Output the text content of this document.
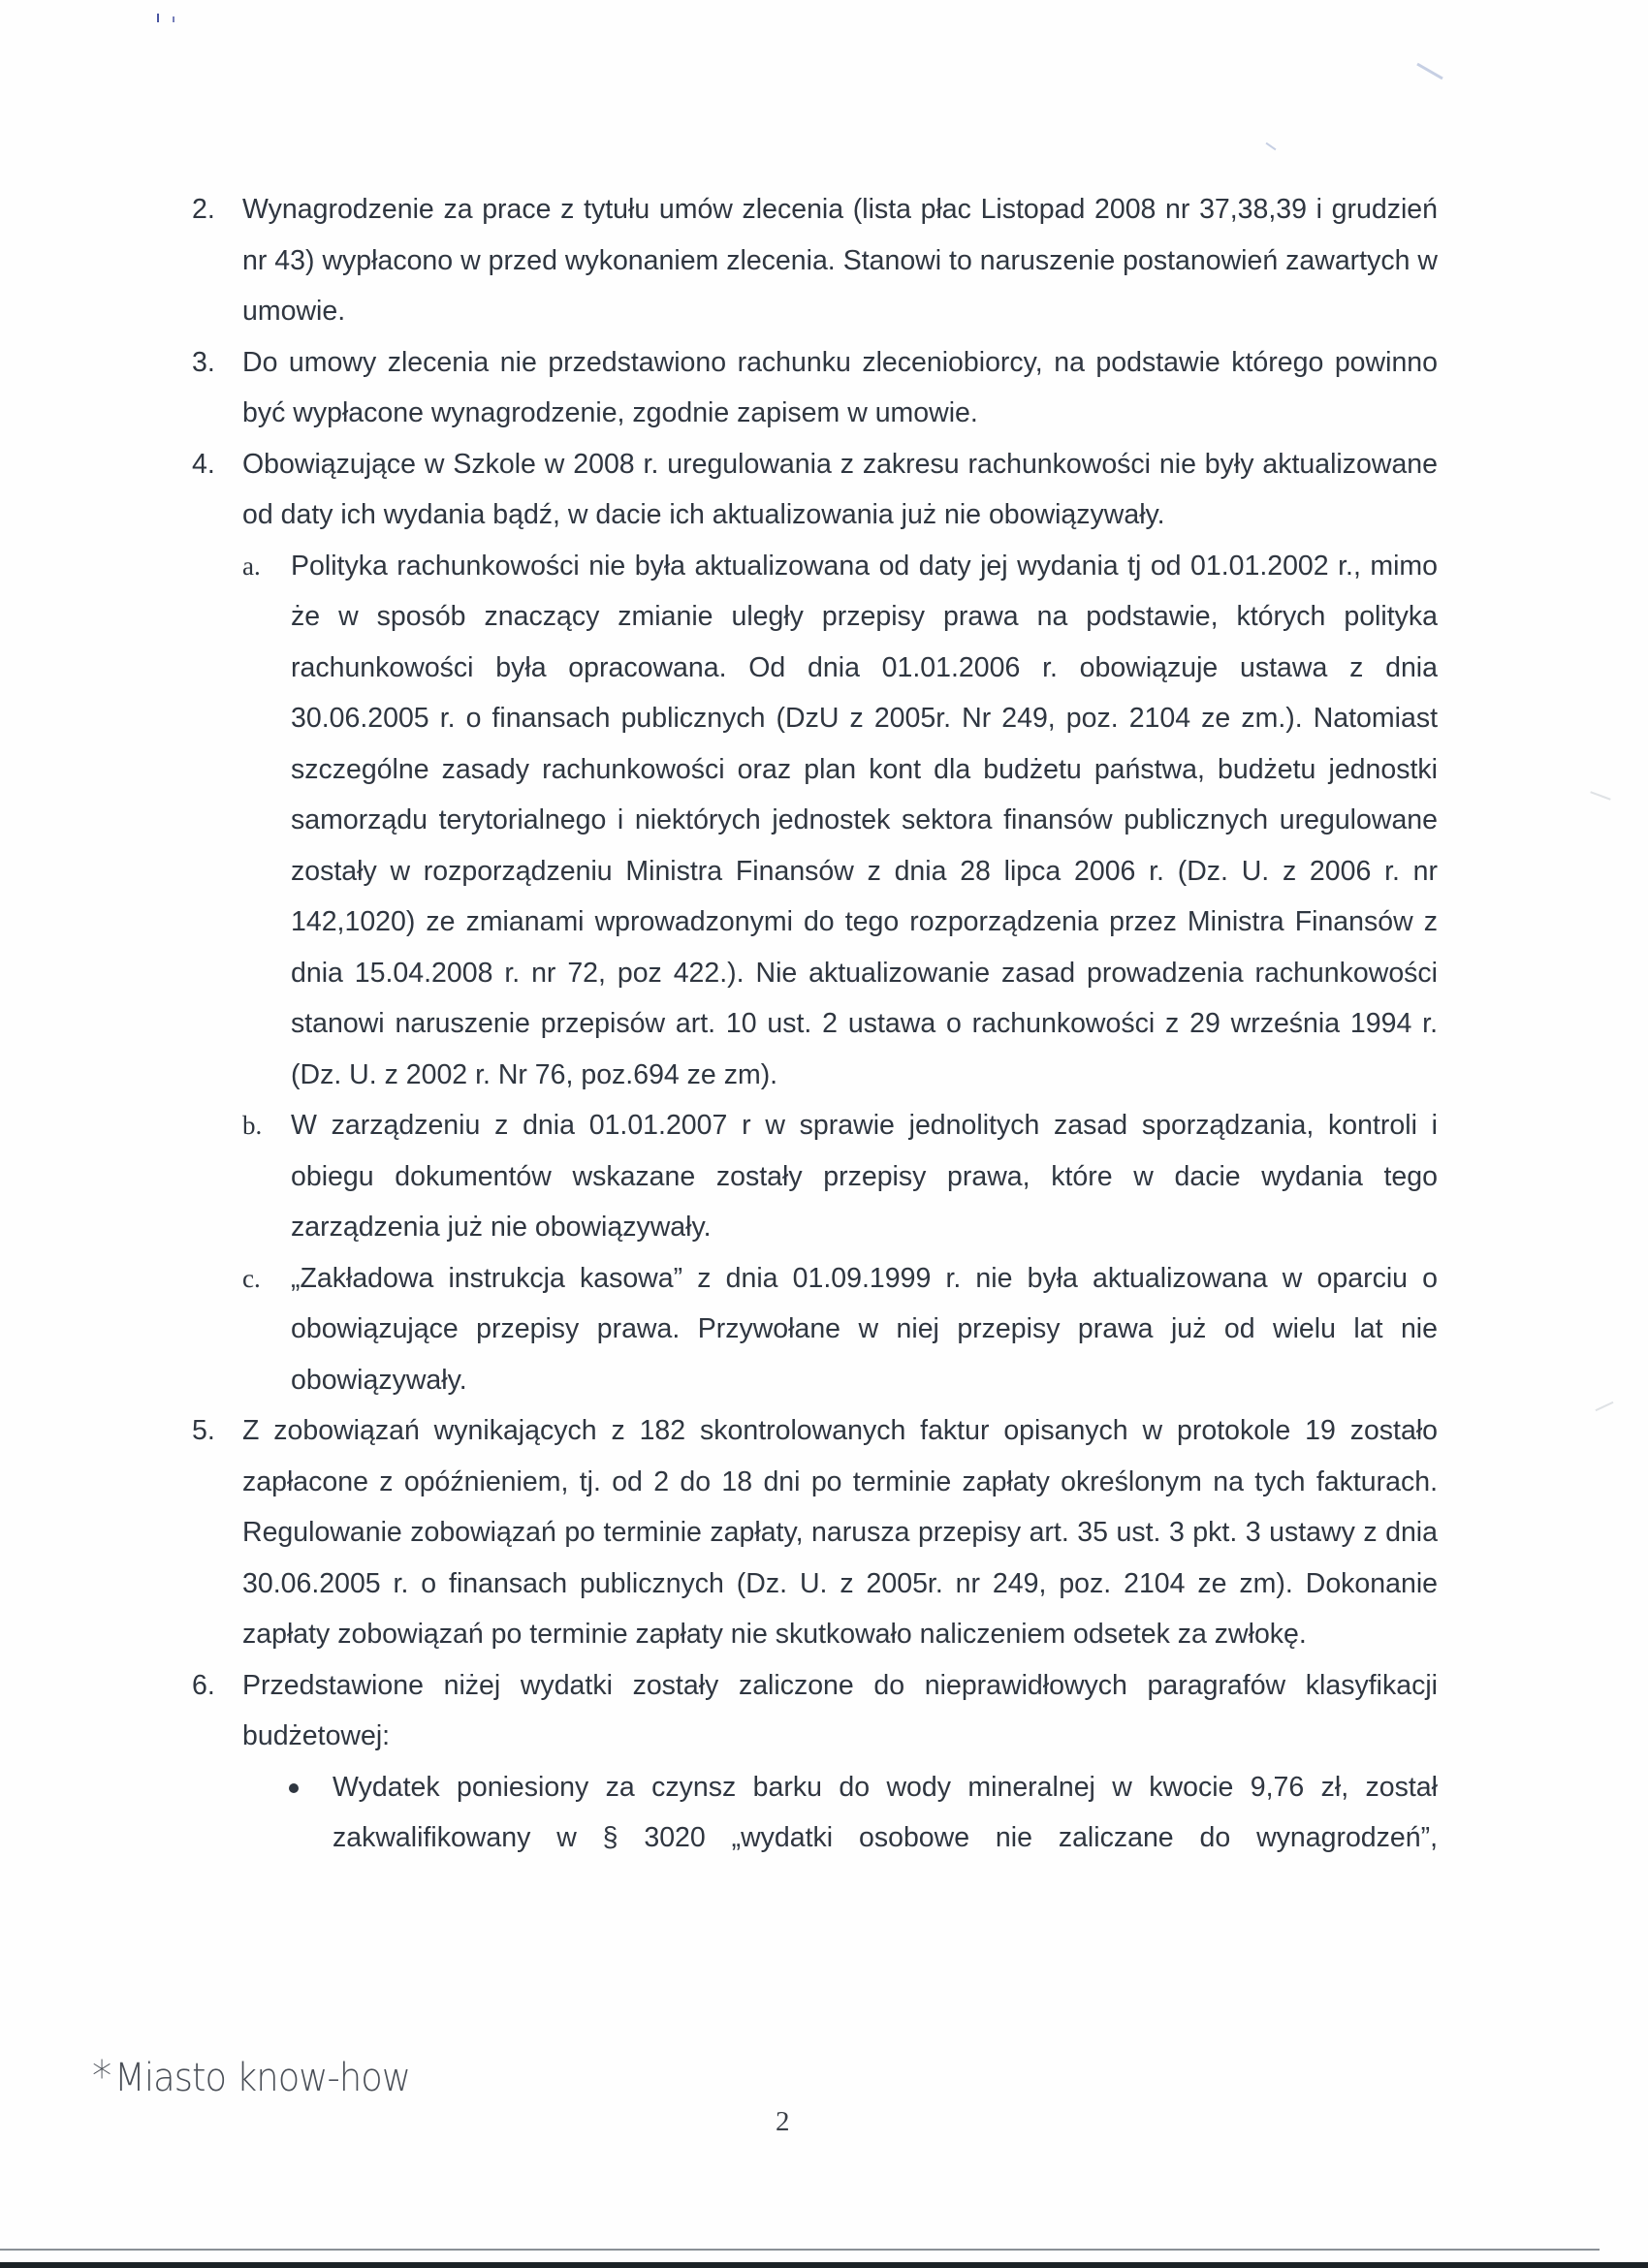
2. Wynagrodzenie za prace z tytułu umów zlecenia (lista płac Listopad 2008 nr 37,38,39 i grudzień nr 43) wypłacono w przed wykonaniem zlecenia. Stanowi to naruszenie postanowień zawartych w umowie.
3. Do umowy zlecenia nie przedstawiono rachunku zleceniobiorcy, na podstawie którego powinno być wypłacone wynagrodzenie, zgodnie zapisem w umowie.
4. Obowiązujące w Szkole w 2008 r. uregulowania z zakresu rachunkowości nie były aktualizowane od daty ich wydania bądź, w dacie ich aktualizowania już nie obowiązywały.
a. Polityka rachunkowości nie była aktualizowana od daty jej wydania tj od 01.01.2002 r., mimo że w sposób znaczący zmianie uległy przepisy prawa na podstawie, których polityka rachunkowości była opracowana. Od dnia 01.01.2006 r. obowiązuje ustawa z dnia 30.06.2005 r. o finansach publicznych (DzU z 2005r. Nr 249, poz. 2104 ze zm.). Natomiast szczególne zasady rachunkowości oraz plan kont dla budżetu państwa, budżetu jednostki samorządu terytorialnego i niektórych jednostek sektora finansów publicznych uregulowane zostały w rozporządzeniu Ministra Finansów z dnia 28 lipca 2006 r. (Dz. U. z 2006 r. nr 142,1020) ze zmianami wprowadzonymi do tego rozporządzenia przez Ministra Finansów z dnia 15.04.2008 r. nr 72, poz 422.). Nie aktualizowanie zasad prowadzenia rachunkowości stanowi naruszenie przepisów art. 10 ust. 2 ustawa o rachunkowości z 29 września 1994 r. (Dz. U. z 2002 r. Nr 76, poz.694 ze zm).
b. W zarządzeniu z dnia 01.01.2007 r w sprawie jednolitych zasad sporządzania, kontroli i obiegu dokumentów wskazane zostały przepisy prawa, które w dacie wydania tego zarządzenia już nie obowiązywały.
c. „Zakładowa instrukcja kasowa” z dnia 01.09.1999 r. nie była aktualizowana w oparciu o obowiązujące przepisy prawa. Przywołane w niej przepisy prawa już od wielu lat nie obowiązywały.
5. Z zobowiązań wynikających z 182 skontrolowanych faktur opisanych w protokole 19 zostało zapłacone z opóźnieniem, tj. od 2 do 18 dni po terminie zapłaty określonym na tych fakturach. Regulowanie zobowiązań po terminie zapłaty, narusza przepisy art. 35 ust. 3 pkt. 3 ustawy z dnia 30.06.2005 r. o finansach publicznych (Dz. U. z 2005r. nr 249, poz. 2104 ze zm). Dokonanie zapłaty zobowiązań po terminie zapłaty nie skutkowało naliczeniem odsetek za zwłokę.
6. Przedstawione niżej wydatki zostały zaliczone do nieprawidłowych paragrafów klasyfikacji budżetowej:
Wydatek poniesiony za czynsz barku do wody mineralnej w kwocie 9,76 zł, został zakwalifikowany w § 3020 „wydatki osobowe nie zaliczane do wynagrodzeń”,
*Miasto know-how
2
